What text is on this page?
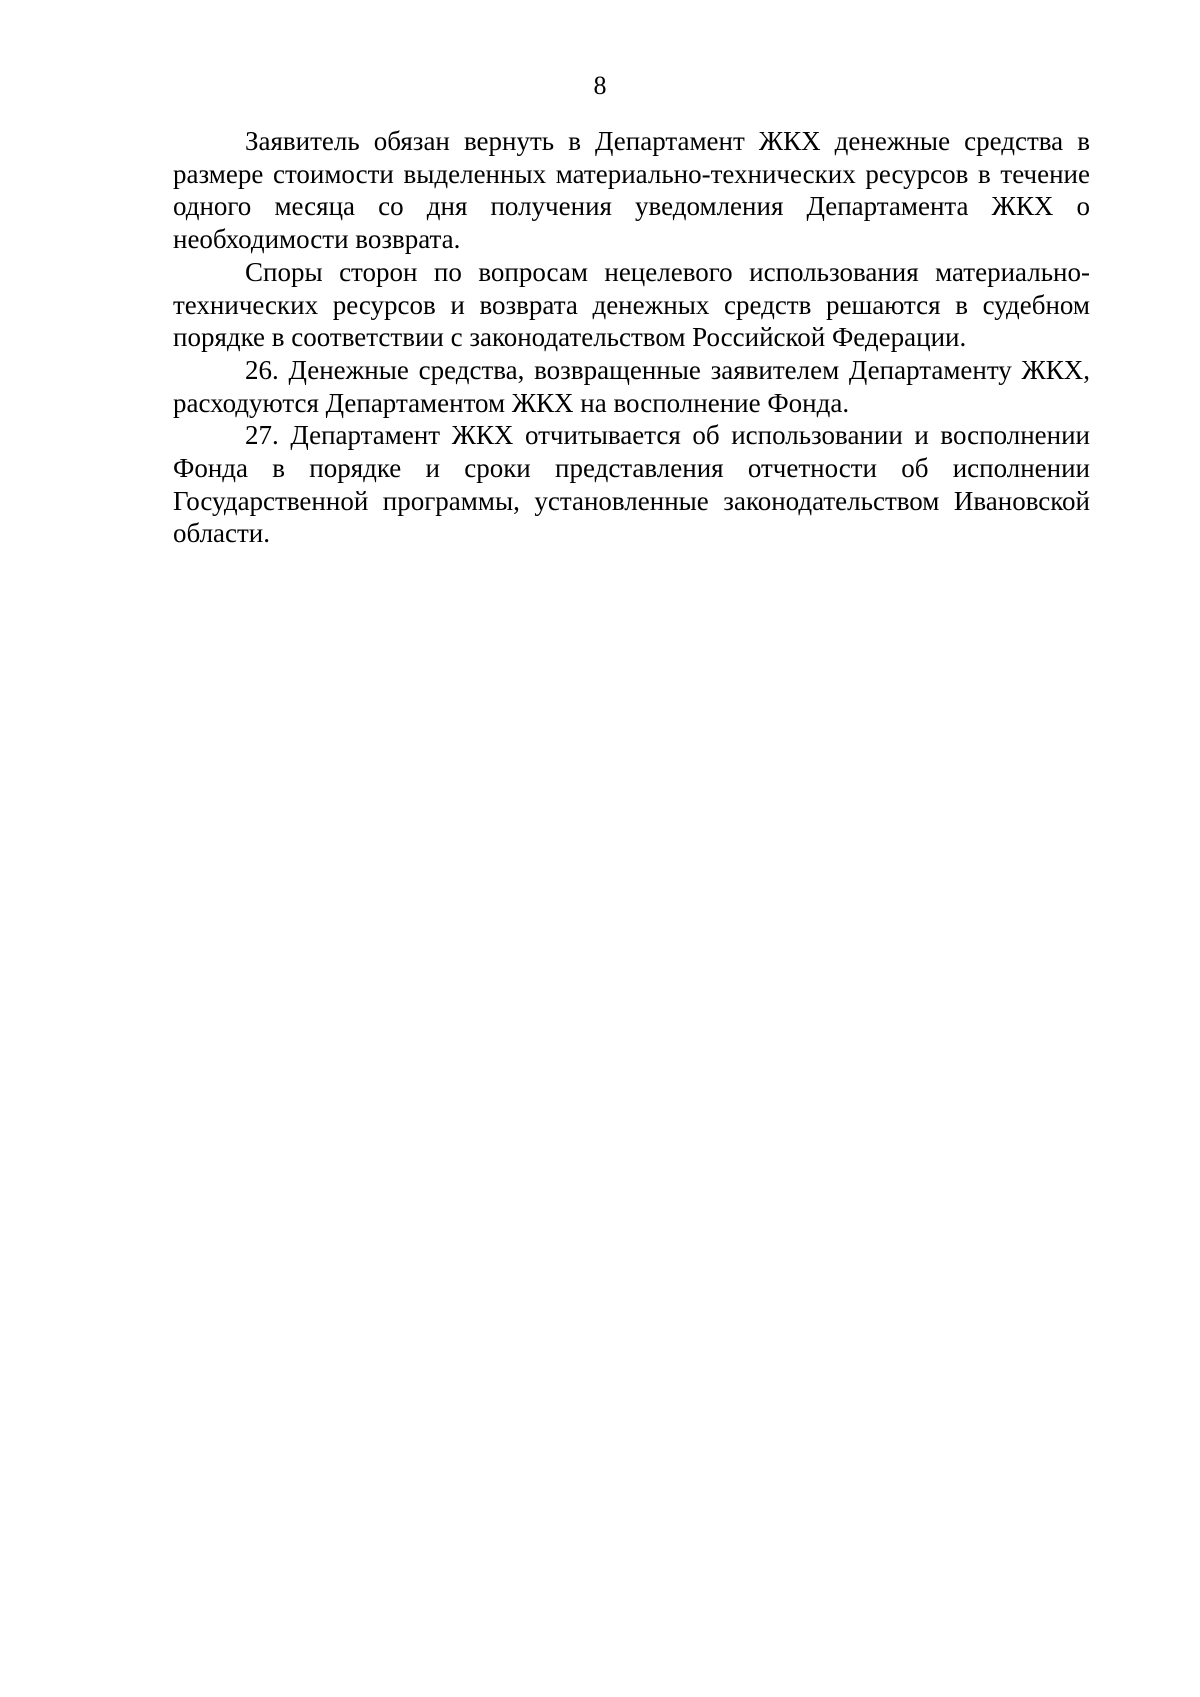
8

Заявитель обязан вернуть в Департамент ЖКХ денежные средства в размере стоимости выделенных материально-технических ресурсов в течение одного месяца со дня получения уведомления Департамента ЖКХ о необходимости возврата.

Споры сторон по вопросам нецелевого использования материально-технических ресурсов и возврата денежных средств решаются в судебном порядке в соответствии с законодательством Российской Федерации.

26. Денежные средства, возвращенные заявителем Департаменту ЖКХ, расходуются Департаментом ЖКХ на восполнение Фонда.

27. Департамент ЖКХ отчитывается об использовании и восполнении Фонда в порядке и сроки представления отчетности об исполнении Государственной программы, установленные законодательством Ивановской области.
